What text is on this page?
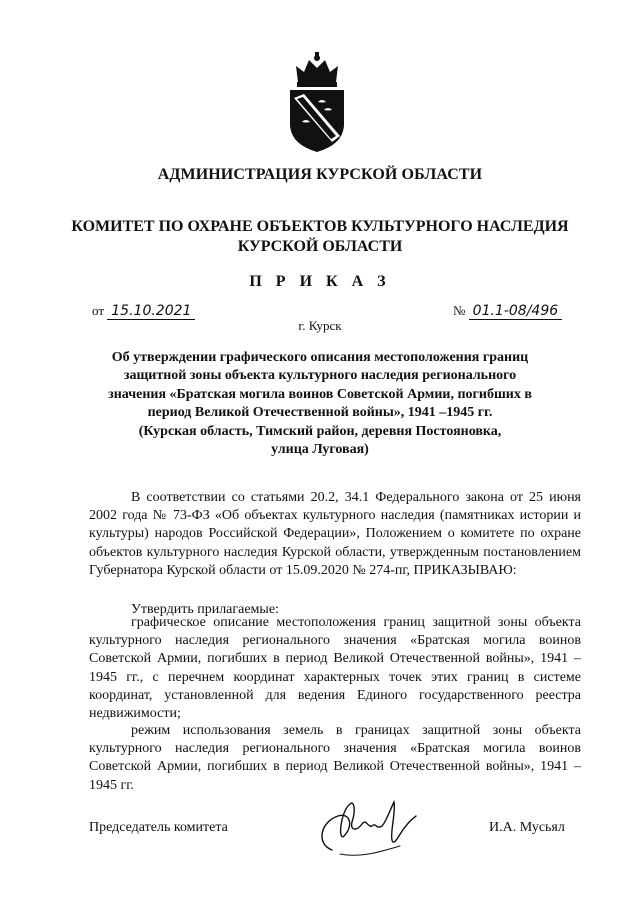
АДМИНИСТРАЦИЯ КУРСКОЙ ОБЛАСТИ
КОМИТЕТ ПО ОХРАНЕ ОБЪЕКТОВ КУЛЬТУРНОГО НАСЛЕДИЯ
КУРСКОЙ ОБЛАСТИ
П Р И К А З
от 15.10.2021	№ 01.1-08/496
г. Курск
Об утверждении графического описания местоположения границ
защитной зоны объекта культурного наследия регионального
значения «Братская могила воинов Советской Армии, погибших в
период Великой Отечественной войны», 1941 –1945 гг.
(Курская область, Тимский район, деревня Постояновка,
улица Луговая)

В соответствии со статьями 20.2, 34.1 Федерального закона от 25 июня 2002 года № 73-ФЗ «Об объектах культурного наследия (памятниках истории и культуры) народов Российской Федерации», Положением о комитете по охране объектов культурного наследия Курской области, утвержденным постановлением Губернатора Курской области от 15.09.2020 № 274-пг, ПРИКАЗЫВАЮ:

Утвердить прилагаемые:

графическое описание местоположения границ защитной зоны объекта культурного наследия регионального значения «Братская могила воинов Советской Армии, погибших в период Великой Отечественной войны», 1941 –1945 гг., с перечнем координат характерных точек этих границ в системе координат, установленной для ведения Единого государственного реестра недвижимости;

режим использования земель в границах защитной зоны объекта культурного наследия регионального значения «Братская могила воинов Советской Армии, погибших в период Великой Отечественной войны», 1941 –1945 гг.

Председатель комитета	И.А. Мусьял
